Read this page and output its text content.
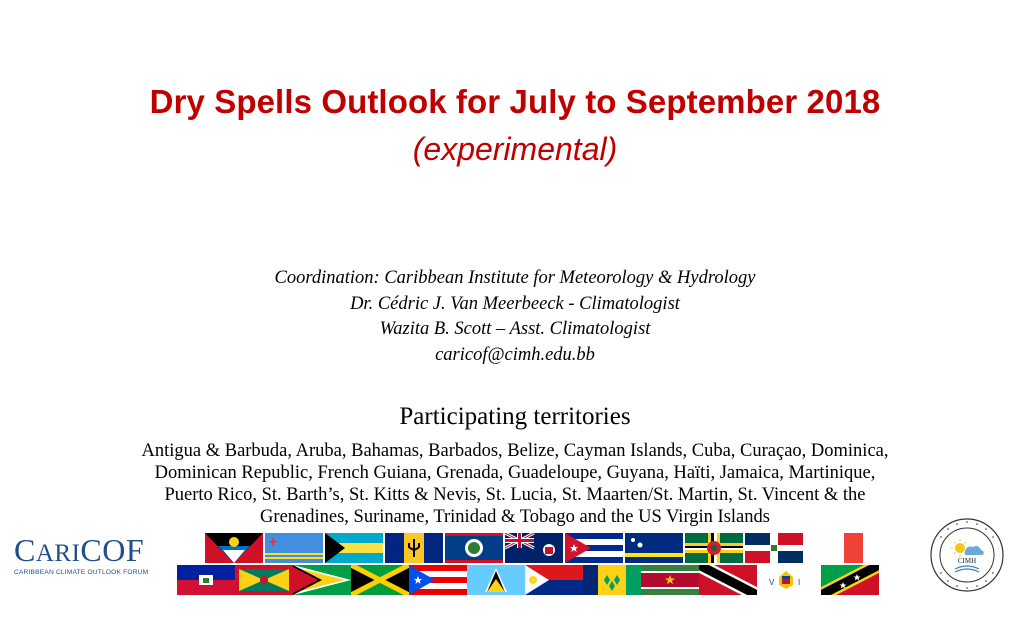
Dry Spells Outlook for July to September 2018
(experimental)
Coordination: Caribbean Institute for Meteorology & Hydrology
Dr. Cédric J. Van Meerbeeck - Climatologist
Wazita B. Scott – Asst. Climatologist
caricof@cimh.edu.bb
Participating territories
Antigua & Barbuda, Aruba, Bahamas, Barbados, Belize, Cayman Islands, Cuba, Curaçao, Dominica,
Dominican Republic, French Guiana, Grenada, Guadeloupe, Guyana, Haïti, Jamaica, Martinique,
Puerto Rico, St. Barth’s, St. Kitts & Nevis, St. Lucia, St. Maarten/St. Martin, St. Vincent & the
Grenadines, Suriname, Trinidad & Tobago and the US Virgin Islands
CARICOF
CARIBBEAN CLIMATE OUTLOOK FORUM
V	I
CIMH
